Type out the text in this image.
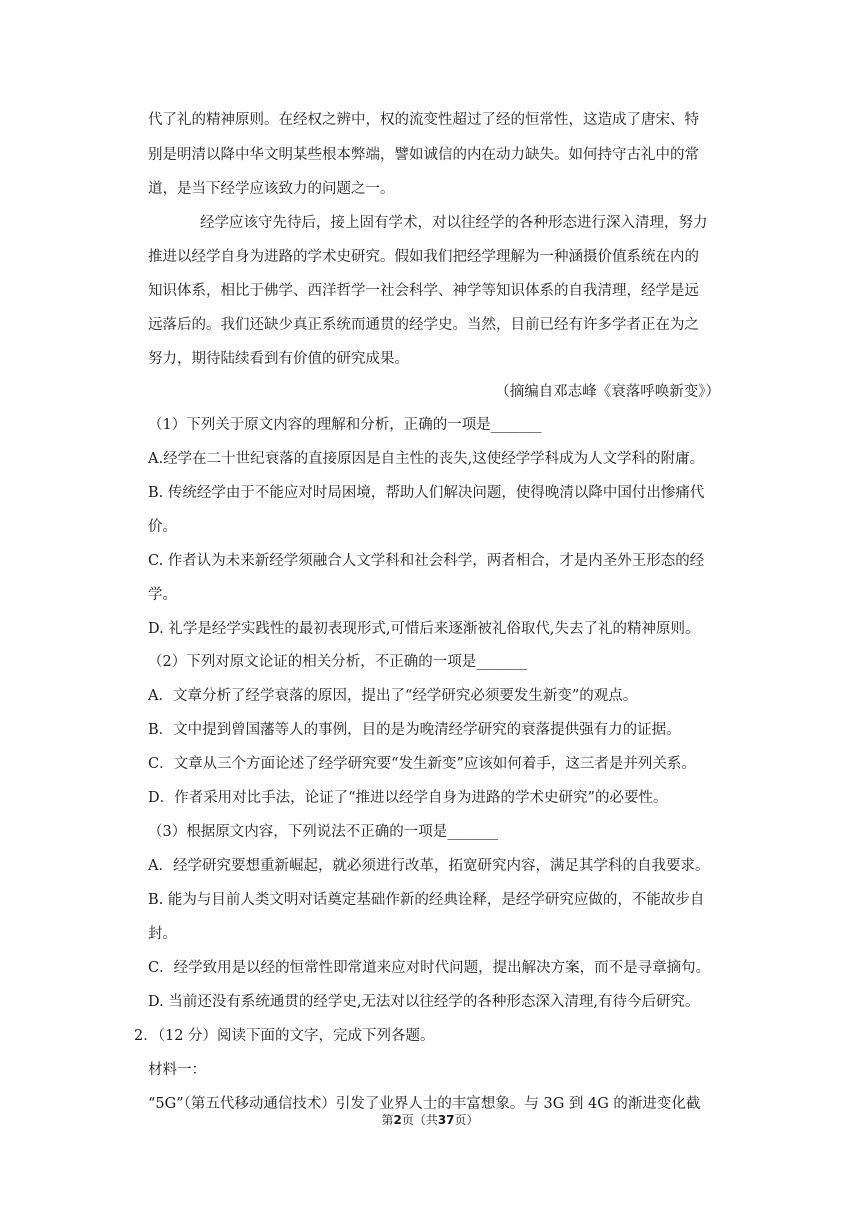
代了礼的精神原则。在经权之辨中，权的流变性超过了经的恒常性，这造成了唐宋、特
别是明清以降中华文明某些根本弊端，譬如诚信的内在动力缺失。如何持守古礼中的常
道，是当下经学应该致力的问题之一。
经学应该守先待后，接上固有学术，对以往经学的各种形态进行深入清理，努力
推进以经学自身为进路的学术史研究。假如我们把经学理解为一种涵摄价值系统在内的
知识体系，相比于佛学、西洋哲学一社会科学、神学等知识体系的自我清理，经学是远
远落后的。我们还缺少真正系统而通贯的经学史。当然，目前已经有许多学者正在为之
努力，期待陆续看到有价值的研究成果。
（摘编自邓志峰《衰落呼唤新变》）
（1）下列关于原文内容的理解和分析，正确的一项是_______
A.经学在二十世纪衰落的直接原因是自主性的丧失,这使经学学科成为人文学科的附庸。
B. 传统经学由于不能应对时局困境，帮助人们解决问题，使得晚清以降中国付出惨痛代
价。
C. 作者认为未来新经学须融合人文学科和社会科学，两者相合，才是内圣外王形态的经
学。
D. 礼学是经学实践性的最初表现形式,可惜后来逐渐被礼俗取代,失去了礼的精神原则。
（2）下列对原文论证的相关分析，不正确的一项是_______
A．文章分析了经学衰落的原因，提出了“经学研究必须要发生新变”的观点。
B．文中提到曾国藩等人的事例，目的是为晚清经学研究的衰落提供强有力的证据。
C．文章从三个方面论述了经学研究要“发生新变”应该如何着手，这三者是并列关系。
D．作者采用对比手法，论证了“推进以经学自身为进路的学术史研究”的必要性。
（3）根据原文内容，下列说法不正确的一项是_______
A．经学研究要想重新崛起，就必须进行改革，拓宽研究内容，满足其学科的自我要求。
B. 能为与目前人类文明对话奠定基础作新的经典诠释，是经学研究应做的，不能故步自
封。
C．经学致用是以经的恒常性即常道来应对时代问题，提出解决方案，而不是寻章摘句。
D. 当前还没有系统通贯的经学史,无法对以往经学的各种形态深入清理,有待今后研究。
2．（12 分）阅读下面的文字，完成下列各题。
材料一：
“5G”（第五代移动通信技术）引发了业界人士的丰富想象。与 3G 到 4G 的渐进变化截
第2页（共37页）
